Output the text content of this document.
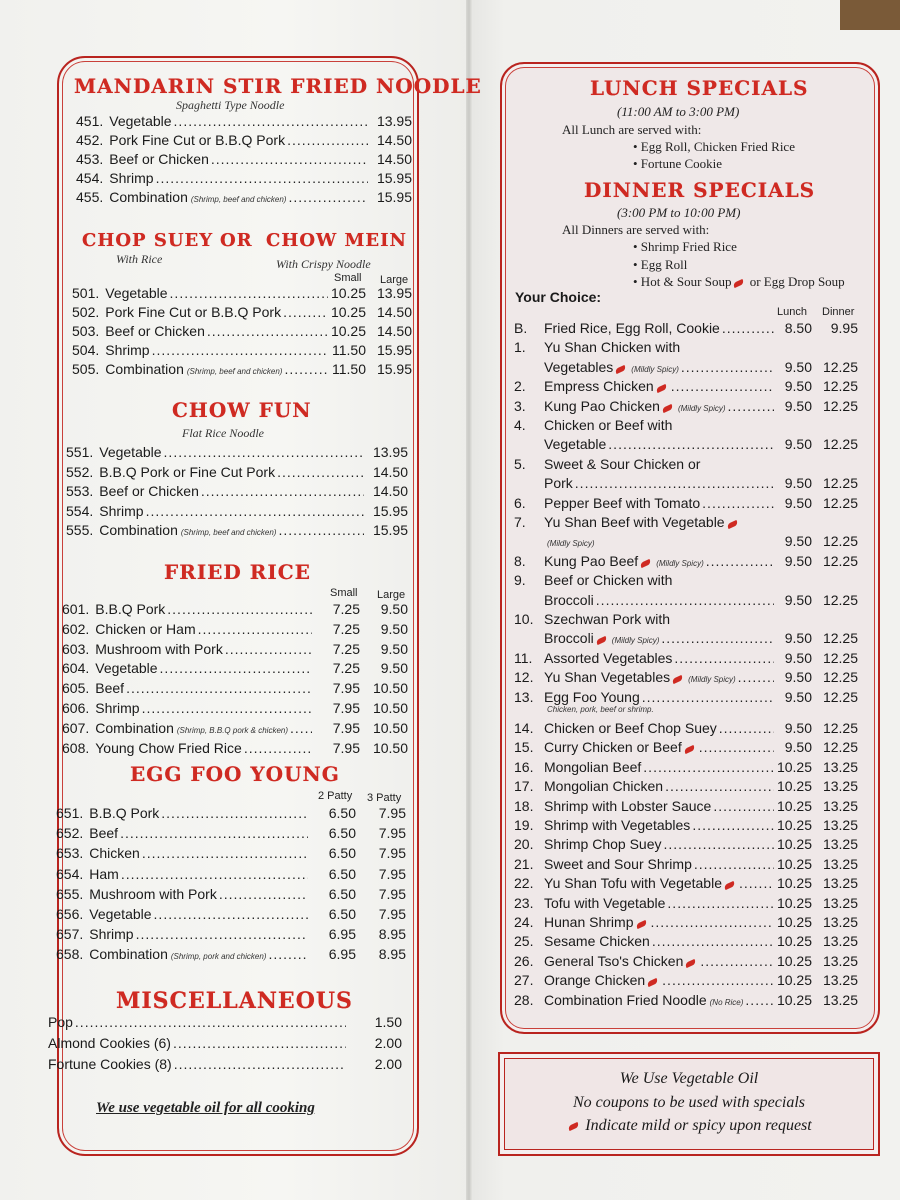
MANDARIN STIR FRIED NOODLE
Spaghetti Type Noodle
451. Vegetable .....	13.95
452. Pork Fine Cut or B.B.Q Pork .....	14.50
453. Beef or Chicken .....	14.50
454. Shrimp .....	15.95
455. Combination (Shrimp, beef and chicken) .....	15.95
CHOP SUEY OR CHOW MEIN
With Rice	With Crispy Noodle
Small Large
501. Vegetable .....	10.25 13.95
502. Pork Fine Cut or B.B.Q Pork .....	10.25 14.50
503. Beef or Chicken .....	10.25 14.50
504. Shrimp .....	11.50 15.95
505. Combination (Shrimp, beef and chicken) .....	11.50 15.95
CHOW FUN
Flat Rice Noodle
551. Vegetable .....	13.95
552. B.B.Q Pork or Fine Cut Pork .....	14.50
553. Beef or Chicken .....	14.50
554. Shrimp .....	15.95
555. Combination (Shrimp, beef and chicken) .....	15.95
FRIED RICE
Small Large
601. B.B.Q Pork .....	7.25	9.50
602. Chicken or Ham .....	7.25	9.50
603. Mushroom with Pork .....	7.25	9.50
604. Vegetable .....	7.25	9.50
605. Beef .....	7.95 10.50
606. Shrimp .....	7.95 10.50
607. Combination (Shrimp, B.B.Q pork & chicken) .....	7.95 10.50
608. Young Chow Fried Rice .....	7.95 10.50
EGG FOO YOUNG
2 Patty 3 Patty
651. B.B.Q Pork .....	6.50	7.95
652. Beef .....	6.50	7.95
653. Chicken .....	6.50	7.95
654. Ham .....	6.50	7.95
655. Mushroom with Pork .....	6.50	7.95
656. Vegetable .....	6.50	7.95
657. Shrimp .....	6.95	8.95
658. Combination (Shrimp, pork and chicken) .....	6.95	8.95
MISCELLANEOUS
Pop .....	1.50
Almond Cookies (6) .....	2.00
Fortune Cookies (8) .....	2.00
We use vegetable oil for all cooking
LUNCH SPECIALS
(11:00 AM to 3:00 PM)
All Lunch are served with:
• Egg Roll, Chicken Fried Rice
• Fortune Cookie
DINNER SPECIALS
(3:00 PM to 10:00 PM)
All Dinners are served with:
• Shrimp Fried Rice
• Egg Roll
• Hot & Sour Soup or Egg Drop Soup
Your Choice:
Lunch Dinner
B.	Fried Rice, Egg Roll, Cookie .....	8.50	9.95
1.	Yu Shan Chicken with
Vegetables (Mildly Spicy) .....	9.50 12.25
2.	Empress Chicken .....	9.50 12.25
3.	Kung Pao Chicken (Mildly Spicy) .....	9.50 12.25
4.	Chicken or Beef with
Vegetable .....	9.50 12.25
5.	Sweet & Sour Chicken or
Pork .....	9.50 12.25
6.	Pepper Beef with Tomato .....	9.50 12.25
7.	Yu Shan Beef with Vegetable
(Mildly Spicy)	9.50 12.25
8.	Kung Pao Beef (Mildly Spicy) .....	9.50 12.25
9.	Beef or Chicken with
Broccoli .....	9.50 12.25
10. Szechwan Pork with
Broccoli (Mildly Spicy) .....	9.50 12.25
11. Assorted Vegetables .....	9.50 12.25
12. Yu Shan Vegetables (Mildly Spicy) .....	9.50 12.25
13. Egg Foo Young .....	9.50 12.25
Chicken, pork, beef or shrimp.
14. Chicken or Beef Chop Suey .....	9.50 12.25
15. Curry Chicken or Beef .....	9.50 12.25
16. Mongolian Beef .....	10.25 13.25
17. Mongolian Chicken .....	10.25 13.25
18. Shrimp with Lobster Sauce .....	10.25 13.25
19. Shrimp with Vegetables .....	10.25 13.25
20. Shrimp Chop Suey .....	10.25 13.25
21. Sweet and Sour Shrimp .....	10.25 13.25
22. Yu Shan Tofu with Vegetable .....	10.25 13.25
23. Tofu with Vegetable .....	10.25 13.25
24. Hunan Shrimp .....	10.25 13.25
25. Sesame Chicken .....	10.25 13.25
26. General Tso's Chicken .....	10.25 13.25
27. Orange Chicken .....	10.25 13.25
28. Combination Fried Noodle (No Rice) ..... 10.25 13.25
We Use Vegetable Oil
No coupons to be used with specials
Indicate mild or spicy upon request
